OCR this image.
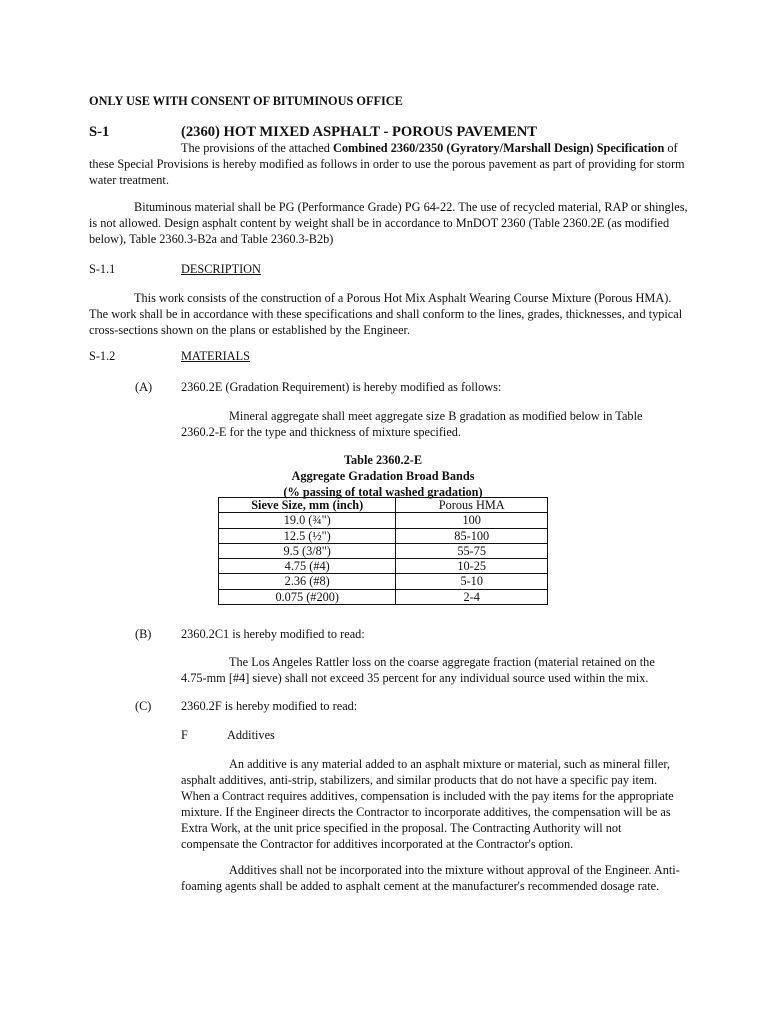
ONLY USE WITH CONSENT OF BITUMINOUS OFFICE
S-1	(2360) HOT MIXED ASPHALT - POROUS PAVEMENT
The provisions of the attached Combined 2360/2350 (Gyratory/Marshall Design) Specification of these Special Provisions is hereby modified as follows in order to use the porous pavement as part of providing for storm water treatment.
Bituminous material shall be PG (Performance Grade) PG 64-22. The use of recycled material, RAP or shingles, is not allowed. Design asphalt content by weight shall be in accordance to MnDOT 2360 (Table 2360.2E (as modified below), Table 2360.3-B2a and Table 2360.3-B2b)
S-1.1	DESCRIPTION
This work consists of the construction of a Porous Hot Mix Asphalt Wearing Course Mixture (Porous HMA). The work shall be in accordance with these specifications and shall conform to the lines, grades, thicknesses, and typical cross-sections shown on the plans or established by the Engineer.
S-1.2	MATERIALS
(A) 2360.2E (Gradation Requirement) is hereby modified as follows:
Mineral aggregate shall meet aggregate size B gradation as modified below in Table 2360.2-E for the type and thickness of mixture specified.
Table 2360.2-E
Aggregate Gradation Broad Bands
(% passing of total washed gradation)
Sieve Size, mm (inch)	Porous HMA
19.0 (¾")	100
12.5 (½")	85-100
9.5 (3/8")	55-75
4.75 (#4)	10-25
2.36 (#8)	5-10
0.075 (#200)	2-4
(B) 2360.2C1 is hereby modified to read:
The Los Angeles Rattler loss on the coarse aggregate fraction (material retained on the 4.75-mm [#4] sieve) shall not exceed 35 percent for any individual source used within the mix.
(C) 2360.2F is hereby modified to read:
F	Additives
An additive is any material added to an asphalt mixture or material, such as mineral filler, asphalt additives, anti-strip, stabilizers, and similar products that do not have a specific pay item. When a Contract requires additives, compensation is included with the pay items for the appropriate mixture. If the Engineer directs the Contractor to incorporate additives, the compensation will be as Extra Work, at the unit price specified in the proposal. The Contracting Authority will not compensate the Contractor for additives incorporated at the Contractor's option.
Additives shall not be incorporated into the mixture without approval of the Engineer. Anti-foaming agents shall be added to asphalt cement at the manufacturer's recommended dosage rate.
